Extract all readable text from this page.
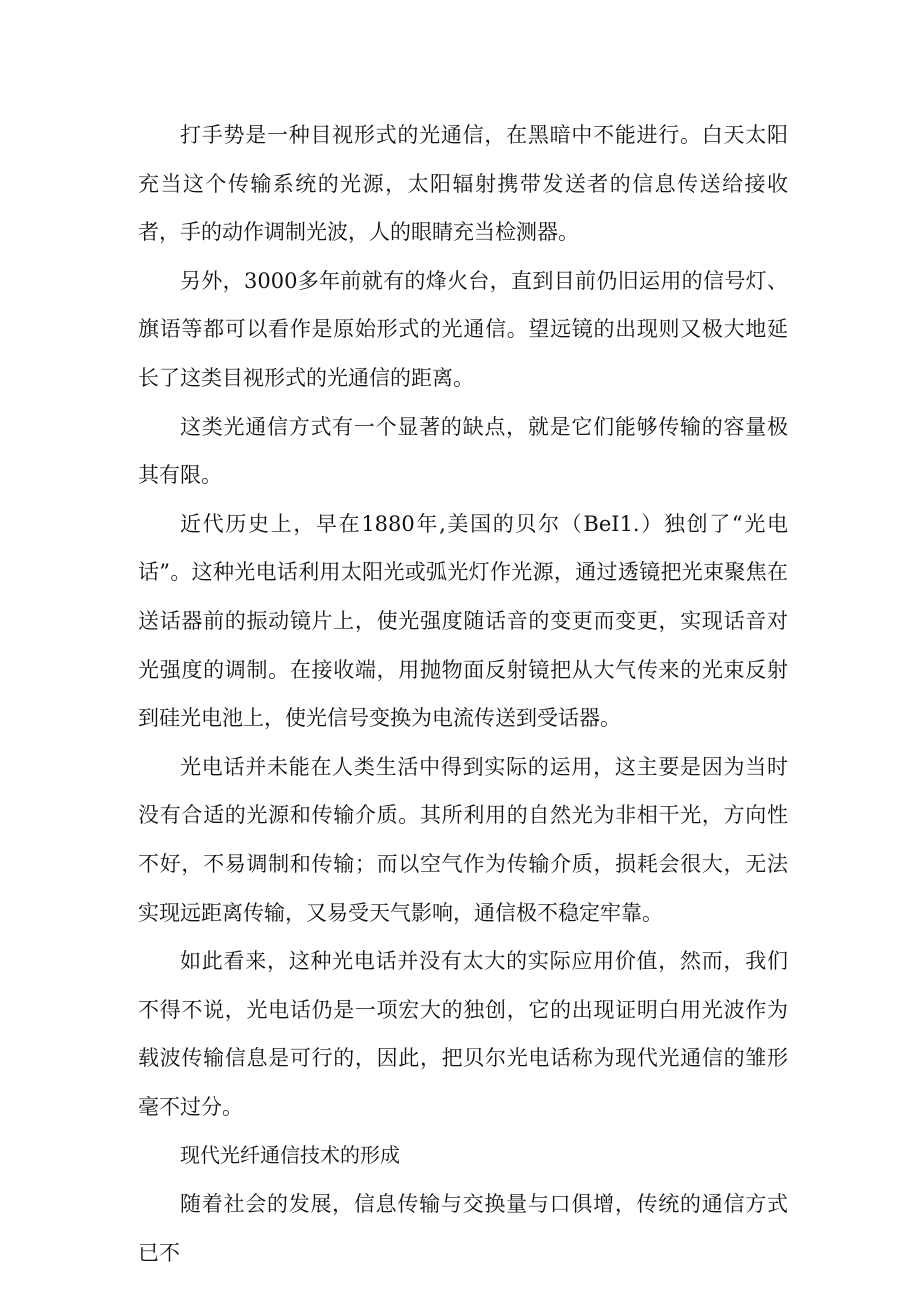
打手势是一种目视形式的光通信，在黑暗中不能进行。白天太阳充当这个传输系统的光源，太阳辐射携带发送者的信息传送给接收者，手的动作调制光波，人的眼睛充当检测器。

另外，3000多年前就有的烽火台，直到目前仍旧运用的信号灯、旗语等都可以看作是原始形式的光通信。望远镜的出现则又极大地延长了这类目视形式的光通信的距离。

这类光通信方式有一个显著的缺点，就是它们能够传输的容量极其有限。

近代历史上，早在1880年,美国的贝尔（BeI1.）独创了“光电话”。这种光电话利用太阳光或弧光灯作光源，通过透镜把光束聚焦在送话器前的振动镜片上，使光强度随话音的变更而变更，实现话音对光强度的调制。在接收端，用抛物面反射镜把从大气传来的光束反射到硅光电池上，使光信号变换为电流传送到受话器。

光电话并未能在人类生活中得到实际的运用，这主要是因为当时没有合适的光源和传输介质。其所利用的自然光为非相干光，方向性不好，不易调制和传输；而以空气作为传输介质，损耗会很大，无法实现远距离传输，又易受天气影响，通信极不稳定牢靠。

如此看来，这种光电话并没有太大的实际应用价值，然而，我们不得不说，光电话仍是一项宏大的独创，它的出现证明白用光波作为载波传输信息是可行的，因此，把贝尔光电话称为现代光通信的雏形毫不过分。

现代光纤通信技术的形成

随着社会的发展，信息传输与交换量与口俱增，传统的通信方式已不
